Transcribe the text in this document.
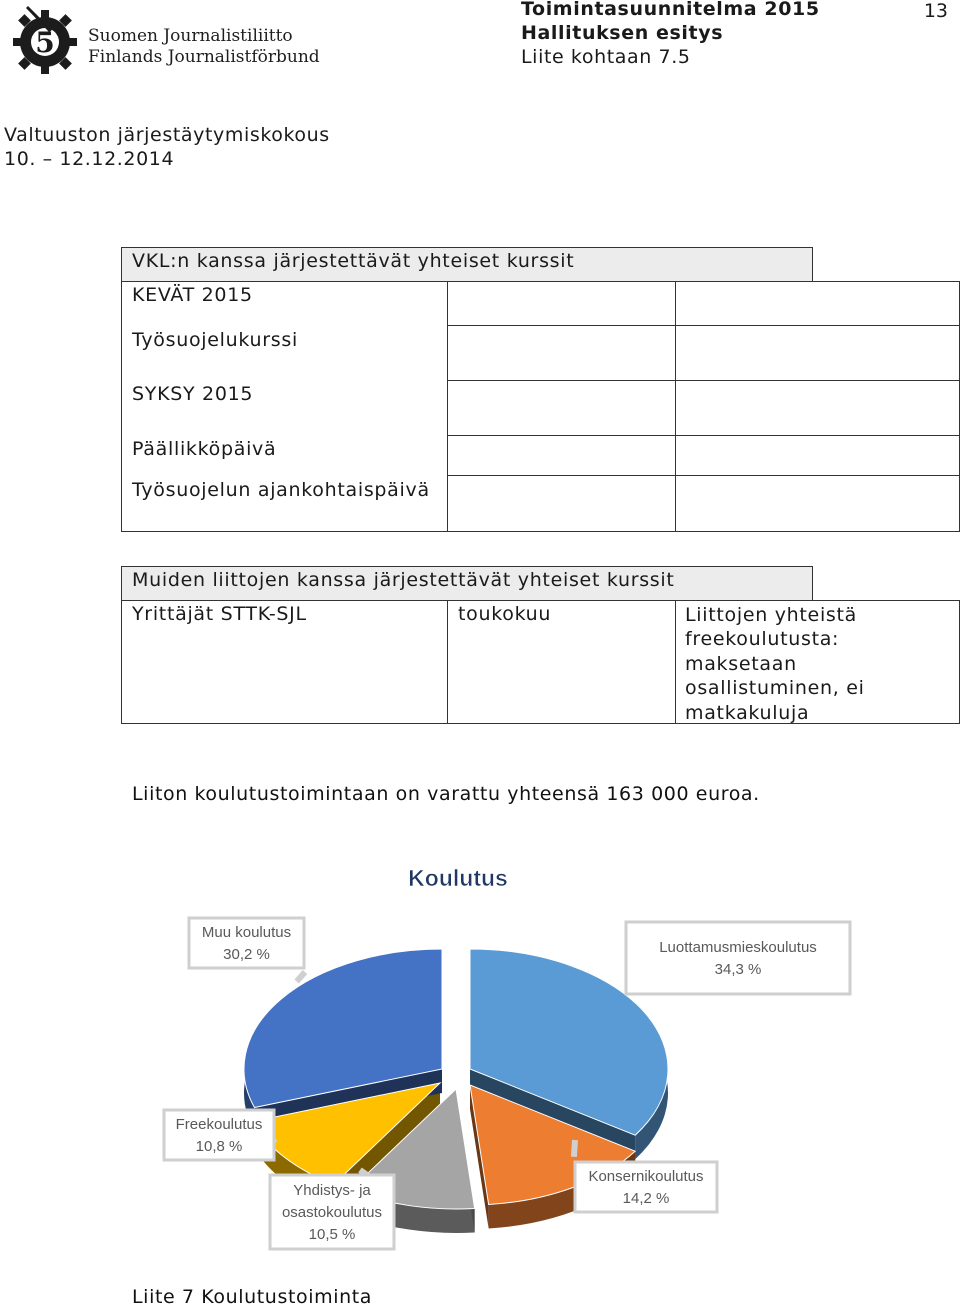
5 Suomen Journalistiliitto
Finlands Journalistförbund
Toimintasuunnitelma 2015
Hallituksen esitys
Liite kohtaan 7.5
13
Valtuuston järjestäytymiskokous
10. – 12.12.2014
VKL:n kanssa järjestettävät yhteiset kurssit
KEVÄT 2015
Työsuojelukurssi
SYKSY 2015
Päällikköpäivä
Työsuojelun ajankohtaispäivä
Muiden liittojen kanssa järjestettävät yhteiset kurssit
Yrittäjät STTK-SJL	toukokuu	Liittojen yhteistä
freekoulutusta:
maksetaan
osallistuminen, ei
matkakuluja
Liiton koulutustoimintaan on varattu yhteensä 163 000 euroa.
Koulutus
Luottamusmieskoulutus
34,3 %
Konsernikoulutus
14,2 %
Yhdistys- ja
osastokoulutus
10,5 %
Freekoulutus
10,8 %
Muu koulutus
30,2 %
Liite 7 Koulutustoiminta
